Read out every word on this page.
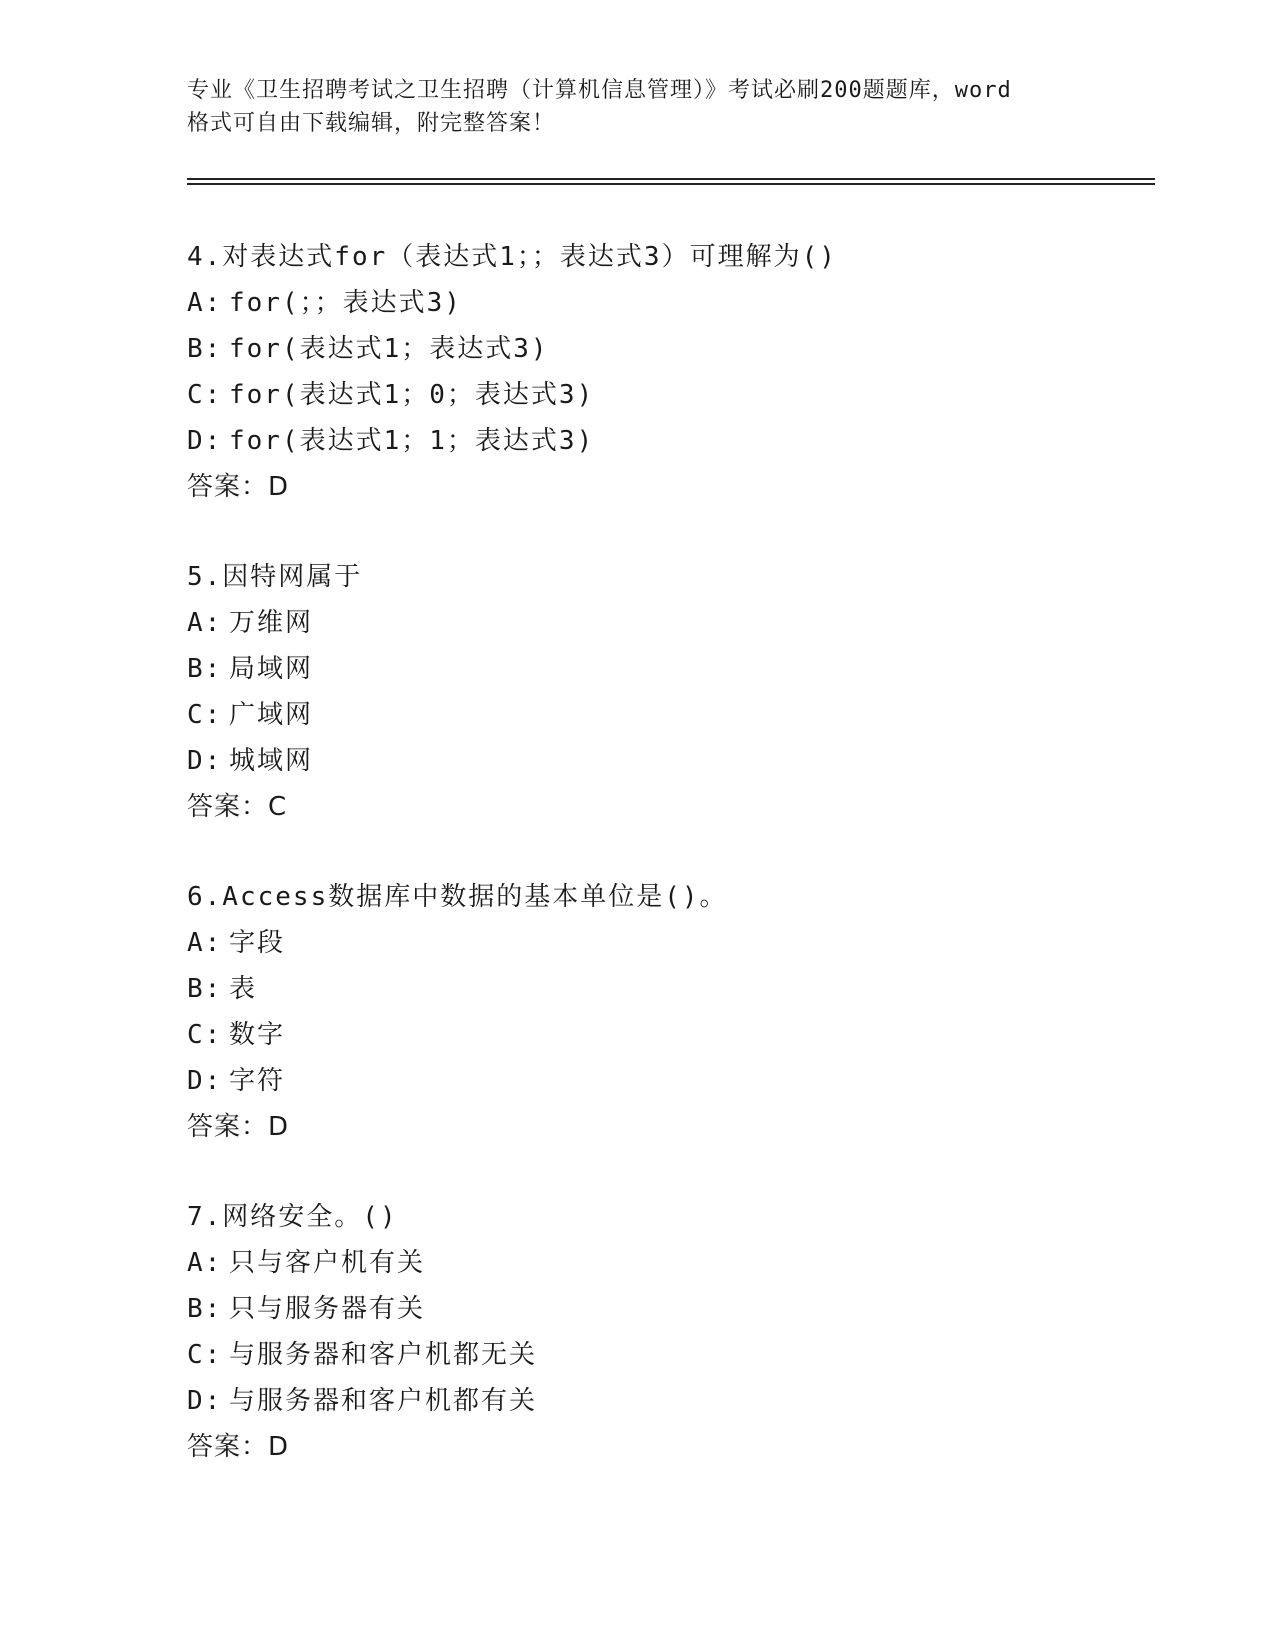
专业《卫生招聘考试之卫生招聘（计算机信息管理）》考试必刷200题题库，word

格式可自由下载编辑，附完整答案！

4.对表达式for（表达式1；；表达式3）可理解为()
A: for(；；表达式3)
B: for(表达式1；表达式3)
C: for(表达式1；0；表达式3)
D: for(表达式1；1；表达式3)
答案：D
5.因特网属于
A: 万维网
B: 局域网
C: 广域网
D: 城域网
答案：C
6.Access数据库中数据的基本单位是()。
A: 字段
B: 表
C: 数字
D: 字符
答案：D
7.网络安全。()
A: 只与客户机有关
B: 只与服务器有关
C: 与服务器和客户机都无关
D: 与服务器和客户机都有关
答案：D
